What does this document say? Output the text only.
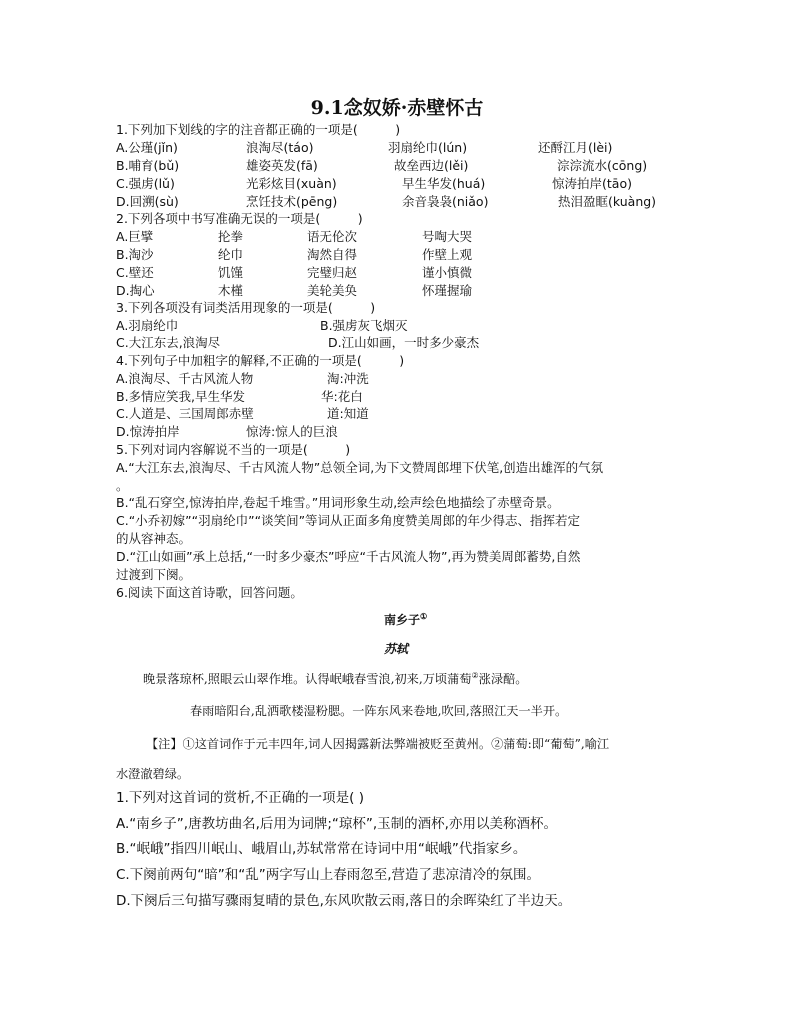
9.1念奴娇·赤壁怀古
1.下列加下划线的字的注音都正确的一项是(　　　)
A.公瑾(jǐn)	浪淘尽(táo)	羽扇纶巾(lún)	还酹江月(lèi)
B.哺育(bǔ)	雄姿英发(fā)	故垒西边(lěi)	淙淙流水(cōng)
C.强虏(lǔ)	光彩炫目(xuàn)	早生华发(huá)	惊涛拍岸(tāo)
D.回溯(sù)	烹饪技术(pēng)	余音袅袅(niǎo)	热泪盈眶(kuàng)
2.下列各项中书写准确无误的一项是(　　　)
A.巨擘	抡拳	语无伦次	号啕大哭
B.淘沙	纶巾	淘然自得	作壁上观
C.壁还	饥馑	完璧归赵	谨小慎微
D.掏心	木槿	美轮美奂	怀瑾握瑜
3.下列各项没有词类活用现象的一项是(　　　)
A.羽扇纶巾	B.强虏灰飞烟灭
C.大江东去,浪淘尽	D.江山如画，一时多少豪杰
4.下列句子中加粗字的解释,不正确的一项是(　　　)
A.浪淘尽、千古风流人物	淘:冲洗
B.多情应笑我,早生华发	华:花白
C.人道是、三国周郎赤壁	道:知道
D.惊涛拍岸	惊涛:惊人的巨浪
5.下列对词内容解说不当的一项是(　　　)
A.“大江东去,浪淘尽、千古风流人物”总领全词,为下文赞周郎埋下伏笔,创造出雄浑的气氛
。
B.“乱石穿空,惊涛拍岸,卷起千堆雪。”用词形象生动,绘声绘色地描绘了赤壁奇景。
C.“小乔初嫁”“羽扇纶巾”“谈笑间”等词从正面多角度赞美周郎的年少得志、指挥若定
的从容神态。
D.“江山如画”承上总括,“一时多少豪杰”呼应“千古风流人物”,再为赞美周郎蓄势,自然
过渡到下阕。
6.阅读下面这首诗歌，回答问题。
南乡子①
苏轼
晚景落琼杯,照眼云山翠作堆。认得岷峨春雪浪,初来,万顷蒲萄②涨渌醅。
春雨暗阳台,乱洒歌楼湿粉腮。一阵东风来卷地,吹回,落照江天一半开。
【注】①这首词作于元丰四年,词人因揭露新法弊端被贬至黄州。②蒲萄:即“葡萄”,喻江
水澄澈碧绿。
1.下列对这首词的赏析,不正确的一项是( )
A.“南乡子”,唐教坊曲名,后用为词牌;“琼杯”,玉制的酒杯,亦用以美称酒杯。
B.“岷峨”指四川岷山、峨眉山,苏轼常常在诗词中用“岷峨”代指家乡。
C.下阕前两句“暗”和“乱”两字写山上春雨忽至,营造了悲凉清冷的氛围。
D.下阕后三句描写骤雨复晴的景色,东风吹散云雨,落日的余晖染红了半边天。
